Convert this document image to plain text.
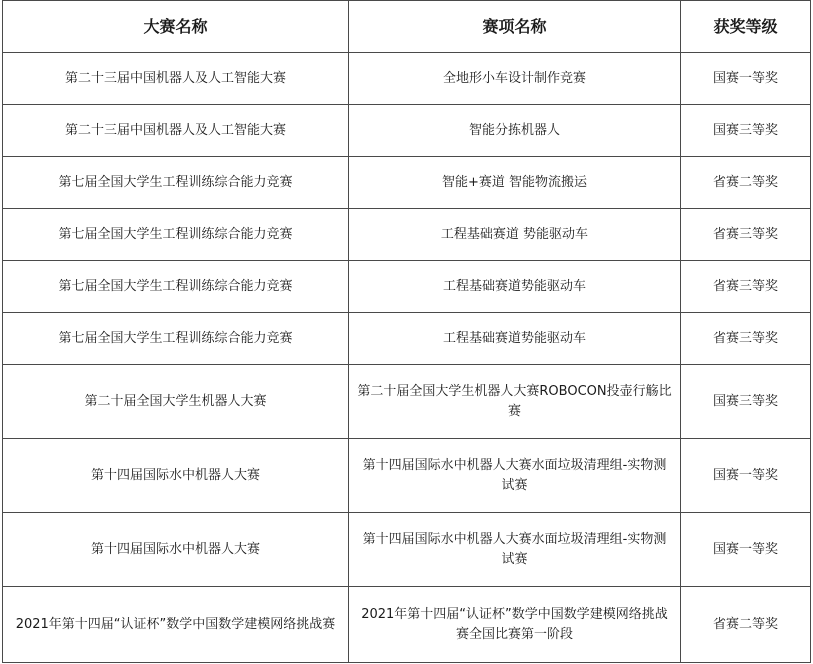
大赛名称	赛项名称	获奖等级
第二十三届中国机器人及人工智能大赛	全地形小车设计制作竞赛	国赛一等奖
第二十三届中国机器人及人工智能大赛	智能分拣机器人	国赛三等奖
第七届全国大学生工程训练综合能力竞赛	智能+赛道 智能物流搬运	省赛二等奖
第七届全国大学生工程训练综合能力竞赛	工程基础赛道 势能驱动车	省赛三等奖
第七届全国大学生工程训练综合能力竞赛	工程基础赛道势能驱动车	省赛三等奖
第七届全国大学生工程训练综合能力竞赛	工程基础赛道势能驱动车	省赛三等奖
第二十届全国大学生机器人大赛	第二十届全国大学生机器人大赛ROBOCON投壶行觞比赛	国赛三等奖
第十四届国际水中机器人大赛	第十四届国际水中机器人大赛水面垃圾清理组-实物测试赛	国赛一等奖
第十四届国际水中机器人大赛	第十四届国际水中机器人大赛水面垃圾清理组-实物测试赛	国赛一等奖
2021年第十四届“认证杯”数学中国数学建模网络挑战赛	2021年第十四届“认证杯”数学中国数学建模网络挑战赛全国比赛第一阶段	省赛二等奖
